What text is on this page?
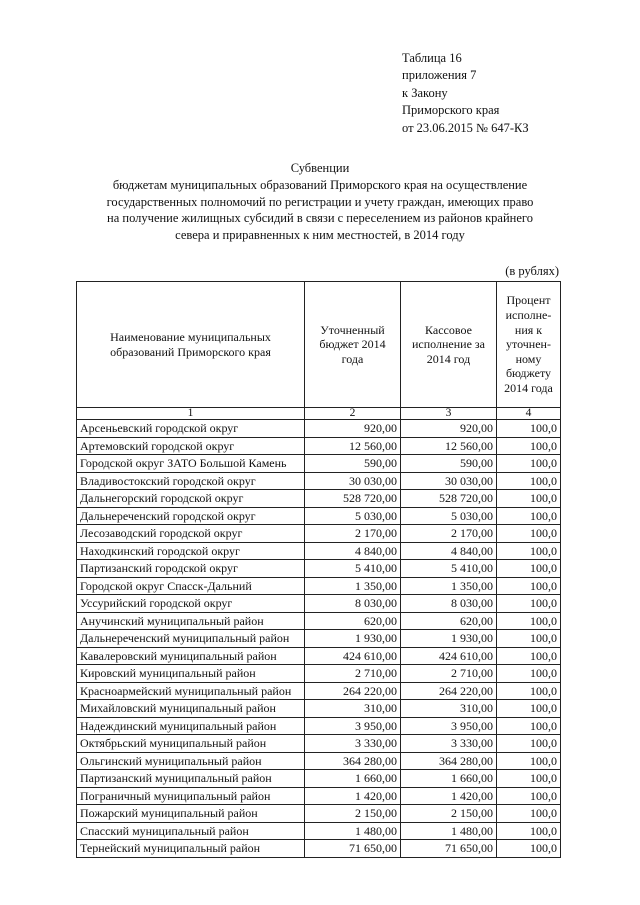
Таблица 16
приложения 7
к Закону
Приморского края
от 23.06.2015 № 647-КЗ
Субвенции
бюджетам муниципальных образований Приморского края на осуществление
государственных полномочий по регистрации и учету граждан, имеющих право
на получение жилищных субсидий в связи с переселением из районов крайнего
севера и приравненных к ним местностей, в 2014 году
(в рублях)
Наименование муниципальных образований Приморского края	Уточненный бюджет 2014 года	Кассовое исполнение за 2014 год	Процент исполне-ния к уточнен-ному бюджету 2014 года

1	2	3	4
Арсеньевский городской округ	920,00	920,00	100,0
Артемовский городской округ	12 560,00	12 560,00	100,0
Городской округ ЗАТО Большой Камень	590,00	590,00	100,0
Владивостокский городской округ	30 030,00	30 030,00	100,0
Дальнегорский городской округ	528 720,00	528 720,00	100,0
Дальнереченский городской округ	5 030,00	5 030,00	100,0
Лесозаводский городской округ	2 170,00	2 170,00	100,0
Находкинский городской округ	4 840,00	4 840,00	100,0
Партизанский городской округ	5 410,00	5 410,00	100,0
Городской округ Спасск-Дальний	1 350,00	1 350,00	100,0
Уссурийский городской округ	8 030,00	8 030,00	100,0
Анучинский муниципальный район	620,00	620,00	100,0
Дальнереченский муниципальный район	1 930,00	1 930,00	100,0
Кавалеровский муниципальный район	424 610,00	424 610,00	100,0
Кировский муниципальный район	2 710,00	2 710,00	100,0
Красноармейский муниципальный район	264 220,00	264 220,00	100,0
Михайловский муниципальный район	310,00	310,00	100,0
Надеждинский муниципальный район	3 950,00	3 950,00	100,0
Октябрьский муниципальный район	3 330,00	3 330,00	100,0
Ольгинский муниципальный район	364 280,00	364 280,00	100,0
Партизанский муниципальный район	1 660,00	1 660,00	100,0
Пограничный муниципальный район	1 420,00	1 420,00	100,0
Пожарский муниципальный район	2 150,00	2 150,00	100,0
Спасский муниципальный район	1 480,00	1 480,00	100,0
Тернейский муниципальный район	71 650,00	71 650,00	100,0
